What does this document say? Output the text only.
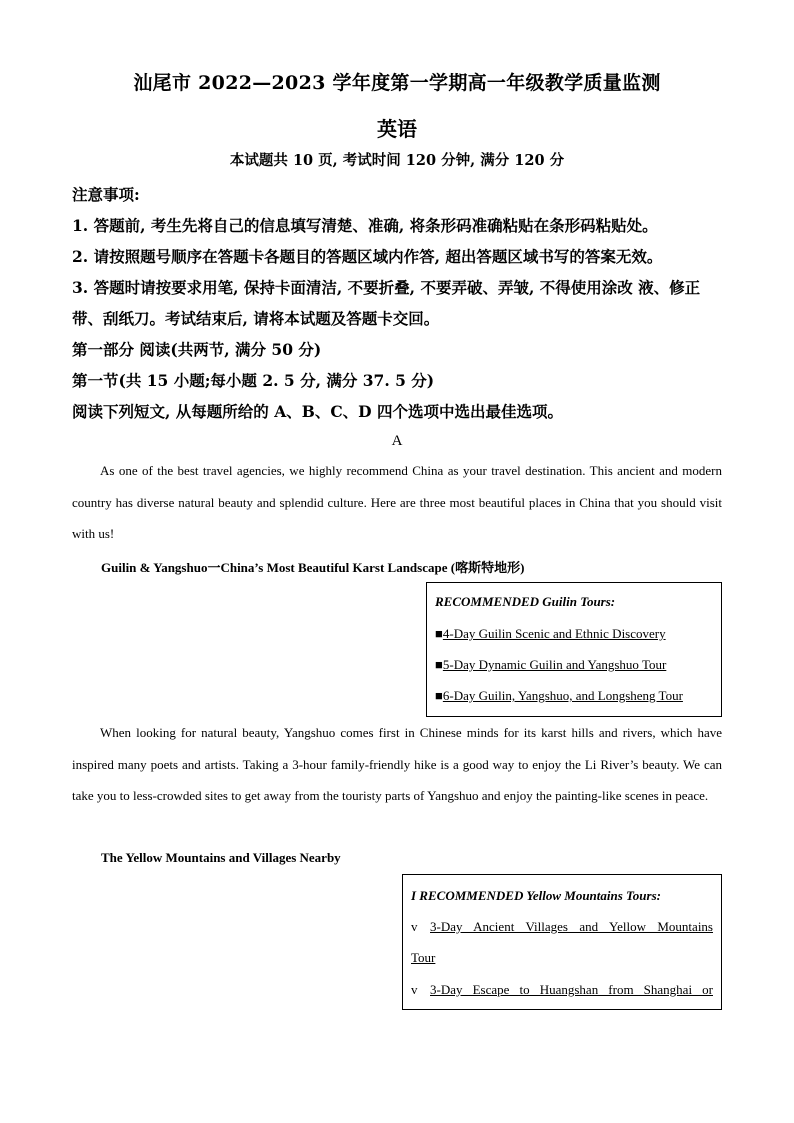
汕尾市 2022—2023 学年度第一学期高一年级教学质量监测
英语
本试题共 10 页, 考试时间 120 分钟, 满分 120 分
注意事项:
1. 答题前, 考生先将自己的信息填写清楚、准确, 将条形码准确粘贴在条形码粘贴处。
2. 请按照题号顺序在答题卡各题目的答题区域内作答, 超出答题区域书写的答案无效。
3. 答题时请按要求用笔, 保持卡面清洁, 不要折叠, 不要弄破、弄皱, 不得使用涂改 液、修正
带、刮纸刀。考试结束后, 请将本试题及答题卡交回。
第一部分 阅读(共两节, 满分 50 分)
第一节(共 15 小题;每小题 2. 5 分, 满分 37. 5 分)
阅读下列短文, 从每题所给的 A、B、C、D 四个选项中选出最佳选项。
A
As one of the best travel agencies, we highly recommend China as your travel destination. This ancient and modern country has diverse natural beauty and splendid culture. Here are three most beautiful places in China that you should visit with us!
Guilin & Yangshuo一China’s Most Beautiful Karst Landscape (喀斯特地形)
RECOMMENDED Guilin Tours:
■4-Day Guilin Scenic and Ethnic Discovery
■5-Day Dynamic Guilin and Yangshuo Tour
■6-Day Guilin, Yangshuo, and Longsheng Tour
When looking for natural beauty, Yangshuo comes first in Chinese minds for its karst hills and rivers, which have inspired many poets and artists. Taking a 3-hour family-friendly hike is a good way to enjoy the Li River’s beauty. We can take you to less-crowded sites to get away from the touristy parts of Yangshuo and enjoy the painting-like scenes in peace.
The Yellow Mountains and Villages Nearby
I RECOMMENDED Yellow Mountains Tours:
v 3-Day Ancient Villages and Yellow Mountains
Tour
v 3-Day Escape to Huangshan from Shanghai or
